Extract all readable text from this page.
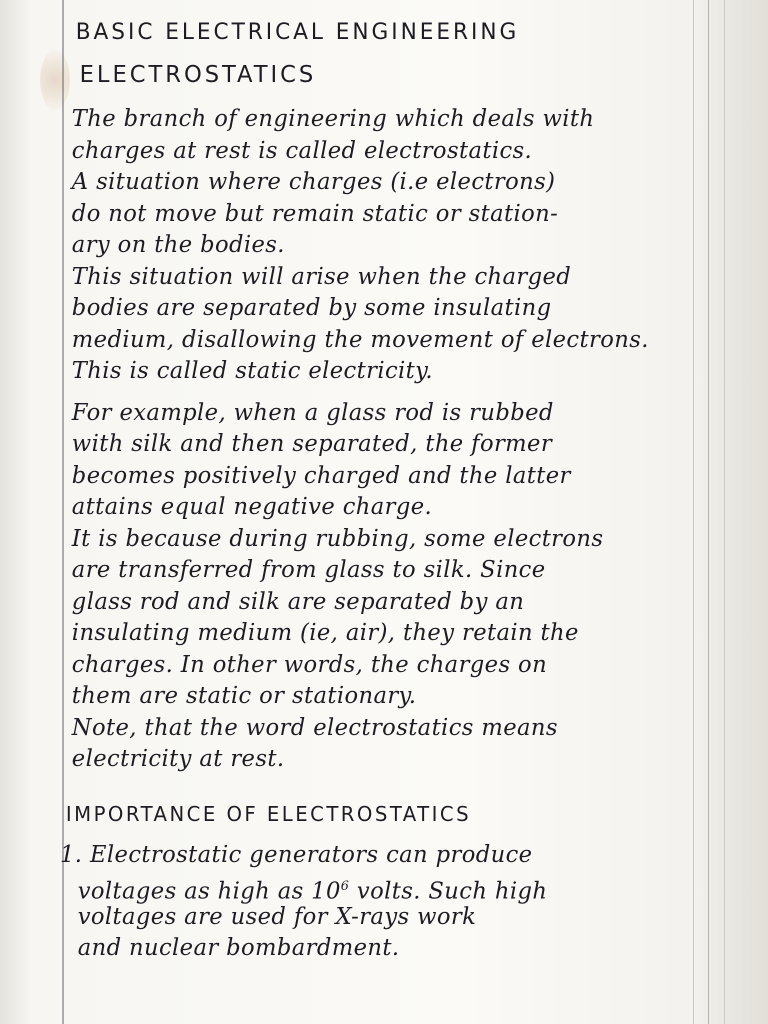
BASIC ELECTRICAL ENGINEERING

ELECTROSTATICS

The branch of engineering which deals with

charges at rest is called electrostatics.

A situation where charges (i.e electrons)

do not move but remain static or station-

ary on the bodies.

This situation will arise when the charged

bodies are separated by some insulating

medium, disallowing the movement of electrons.

This is called static electricity.

For example, when a glass rod is rubbed

with silk and then separated, the former

becomes positively charged and the latter

attains equal negative charge.

It is because during rubbing, some electrons

are transferred from glass to silk. Since

glass rod and silk are separated by an

insulating medium (ie, air), they retain the

charges. In other words, the charges on

them are static or stationary.

Note, that the word electrostatics means

electricity at rest.

IMPORTANCE OF ELECTROSTATICS

1. Electrostatic generators can produce

voltages as high as $10^6$ volts. Such high

voltages are used for X-rays work

and nuclear bombardment.
